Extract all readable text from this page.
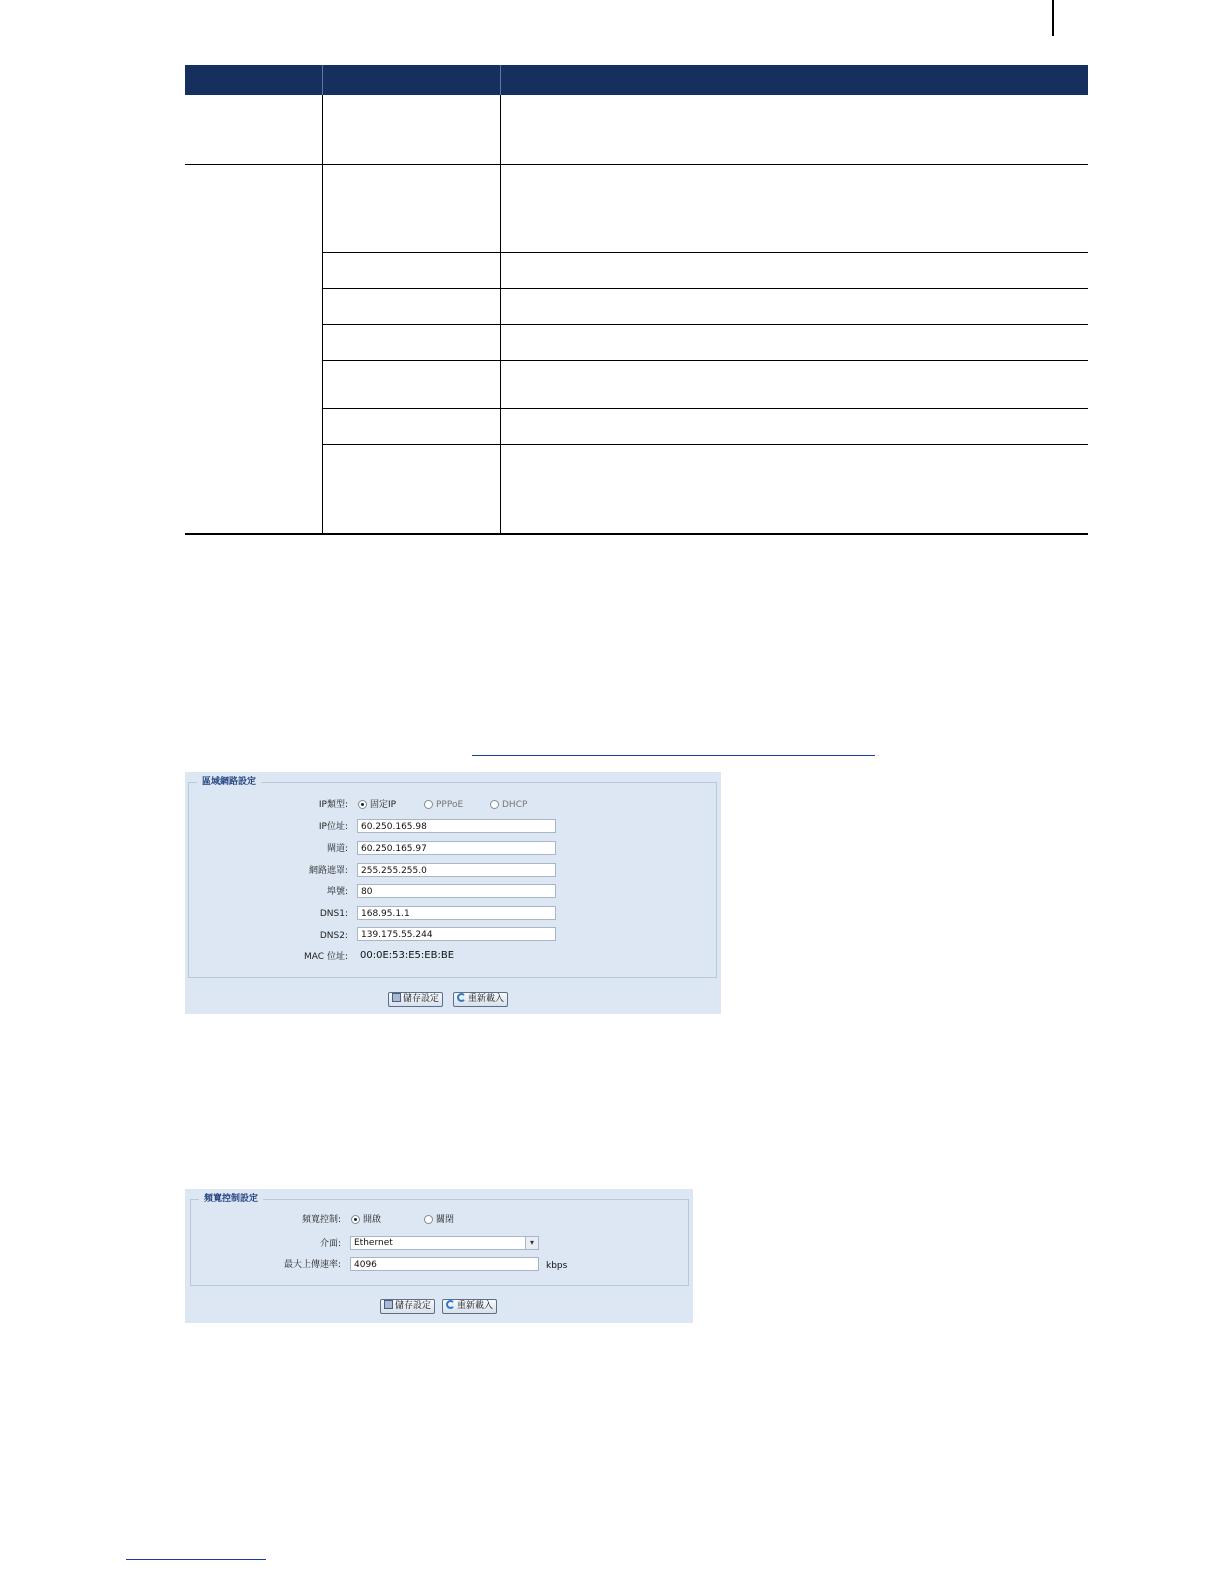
區域網路設定
IP類型:	固定IP	PPPoE	DHCP
IP位址:	60.250.165.98
閘道:	60.250.165.97
網路遮罩:	255.255.255.0
埠號:	80
DNS1:	168.95.1.1
DNS2:	139.175.55.244
MAC 位址: 00:0E:53:E5:EB:BE
儲存設定	重新載入
頻寬控制設定
頻寬控制:	開啟	關閉
介面:	Ethernet	▾
最大上傳速率:	4096	kbps
儲存設定	重新載入
